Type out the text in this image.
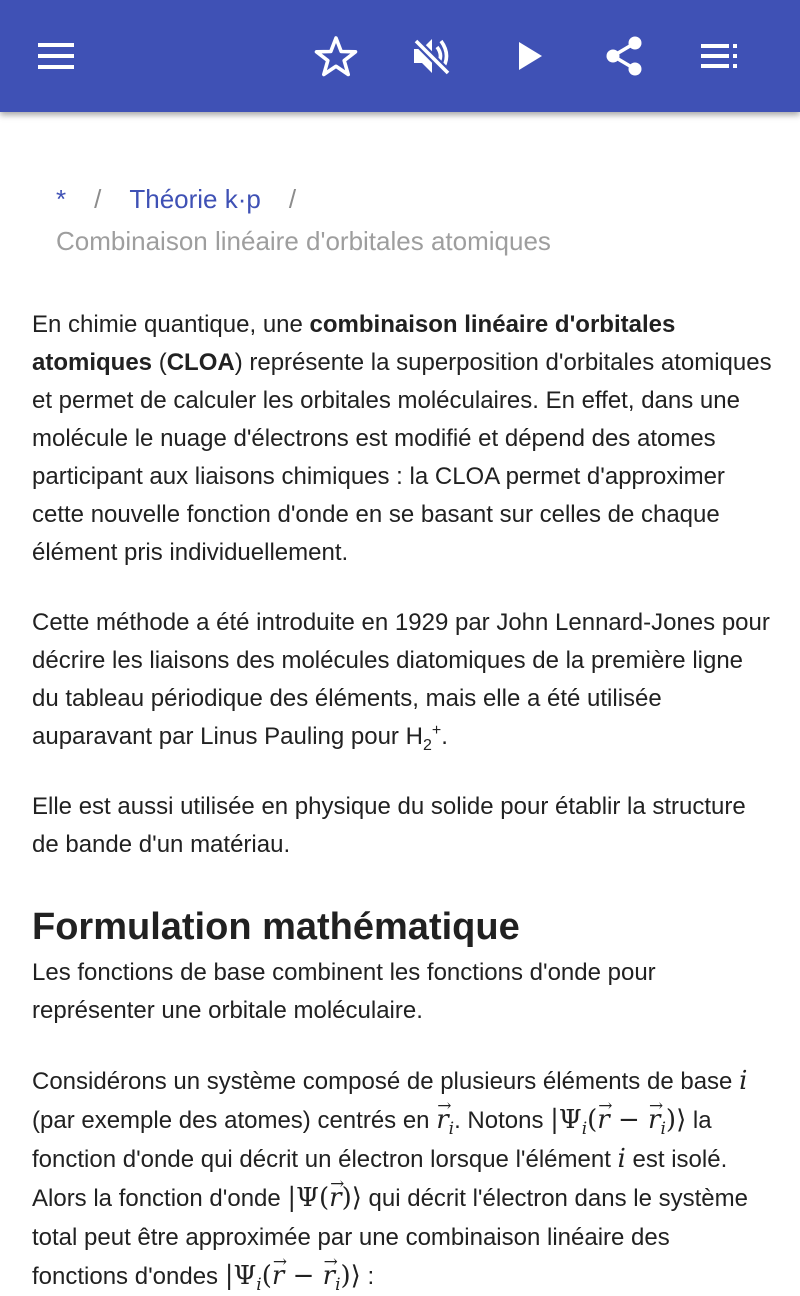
* / Théorie k·p /
Combinaison linéaire d'orbitales atomiques

En chimie quantique, une combinaison linéaire d'orbitales atomiques (CLOA) représente la superposition d'orbitales atomiques et permet de calculer les orbitales moléculaires. En effet, dans une molécule le nuage d'électrons est modifié et dépend des atomes participant aux liaisons chimiques : la CLOA permet d'approximer cette nouvelle fonction d'onde en se basant sur celles de chaque élément pris individuellement.

Cette méthode a été introduite en 1929 par John Lennard-Jones pour décrire les liaisons des molécules diatomiques de la première ligne du tableau périodique des éléments, mais elle a été utilisée auparavant par Linus Pauling pour $H_2^+$.

Elle est aussi utilisée en physique du solide pour établir la structure de bande d'un matériau.

Formulation mathématique

Les fonctions de base combinent les fonctions d'onde pour représenter une orbitale moléculaire.

Considérons un système composé de plusieurs éléments de base i (par exemple des atomes) centrés en → $r_i$. Notons $|\Psi_i(\to r$ − → $r_i)⟩$ la fonction d'onde qui décrit un électron lorsque l'élément i est isolé. Alors la fonction d'onde |Ψ(→ r)⟩ qui décrit l'électron dans le système total peut être approximée par une combinaison linéaire des fonctions d'ondes $|\Psi_i(\to r$ − → $r_i)⟩$ :
